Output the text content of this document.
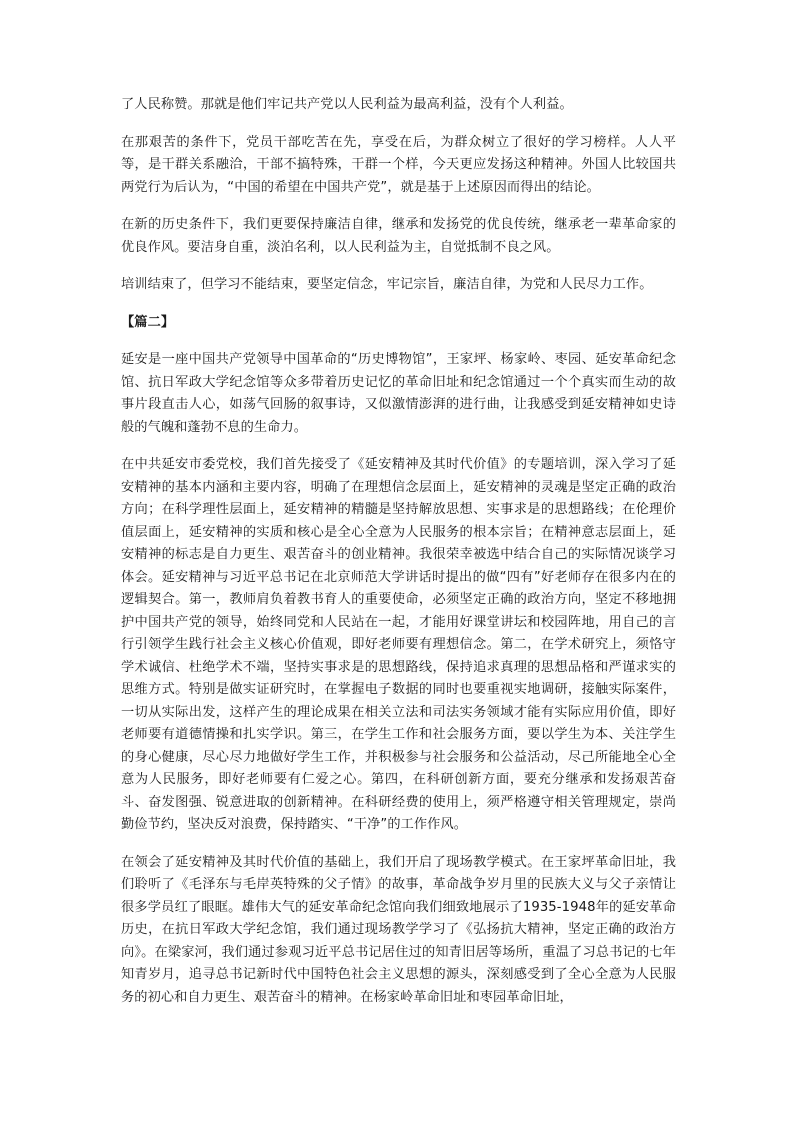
了人民称赞。那就是他们牢记共产党以人民利益为最高利益，没有个人利益。

在那艰苦的条件下，党员干部吃苦在先，享受在后，为群众树立了很好的学习榜样。人人平等，是干群关系融洽，干部不搞特殊，干群一个样，今天更应发扬这种精神。外国人比较国共两党行为后认为，“中国的希望在中国共产党”，就是基于上述原因而得出的结论。

在新的历史条件下，我们更要保持廉洁自律，继承和发扬党的优良传统，继承老一辈革命家的优良作风。要洁身自重，淡泊名利，以人民利益为主，自觉抵制不良之风。

培训结束了，但学习不能结束，要坚定信念，牢记宗旨，廉洁自律，为党和人民尽力工作。

【篇二】

延安是一座中国共产党领导中国革命的“历史博物馆”，王家坪、杨家岭、枣园、延安革命纪念馆、抗日军政大学纪念馆等众多带着历史记忆的革命旧址和纪念馆通过一个个真实而生动的故事片段直击人心，如荡气回肠的叙事诗，又似激情澎湃的进行曲，让我感受到延安精神如史诗般的气魄和蓬勃不息的生命力。

在中共延安市委党校，我们首先接受了《延安精神及其时代价值》的专题培训，深入学习了延安精神的基本内涵和主要内容，明确了在理想信念层面上，延安精神的灵魂是坚定正确的政治方向；在科学理性层面上，延安精神的精髓是坚持解放思想、实事求是的思想路线；在伦理价值层面上，延安精神的实质和核心是全心全意为人民服务的根本宗旨；在精神意志层面上，延安精神的标志是自力更生、艰苦奋斗的创业精神。我很荣幸被选中结合自己的实际情况谈学习体会。延安精神与习近平总书记在北京师范大学讲话时提出的做“四有”好老师存在很多内在的逻辑契合。第一，教师肩负着教书育人的重要使命，必须坚定正确的政治方向，坚定不移地拥护中国共产党的领导，始终同党和人民站在一起，才能用好课堂讲坛和校园阵地，用自己的言行引领学生践行社会主义核心价值观，即好老师要有理想信念。第二，在学术研究上，须恪守学术诚信、杜绝学术不端，坚持实事求是的思想路线，保持追求真理的思想品格和严谨求实的思维方式。特别是做实证研究时，在掌握电子数据的同时也要重视实地调研，接触实际案件，一切从实际出发，这样产生的理论成果在相关立法和司法实务领域才能有实际应用价值，即好老师要有道德情操和扎实学识。第三，在学生工作和社会服务方面，要以学生为本、关注学生的身心健康，尽心尽力地做好学生工作，并积极参与社会服务和公益活动，尽己所能地全心全意为人民服务，即好老师要有仁爱之心。第四，在科研创新方面，要充分继承和发扬艰苦奋斗、奋发图强、锐意进取的创新精神。在科研经费的使用上，须严格遵守相关管理规定，崇尚勤俭节约，坚决反对浪费，保持踏实、“干净”的工作作风。

在领会了延安精神及其时代价值的基础上，我们开启了现场教学模式。在王家坪革命旧址，我们聆听了《毛泽东与毛岸英特殊的父子情》的故事，革命战争岁月里的民族大义与父子亲情让很多学员红了眼眶。雄伟大气的延安革命纪念馆向我们细致地展示了1935-1948年的延安革命历史，在抗日军政大学纪念馆，我们通过现场教学学习了《弘扬抗大精神，坚定正确的政治方向》。在梁家河，我们通过参观习近平总书记居住过的知青旧居等场所，重温了习总书记的七年知青岁月，追寻总书记新时代中国特色社会主义思想的源头，深刻感受到了全心全意为人民服务的初心和自力更生、艰苦奋斗的精神。在杨家岭革命旧址和枣园革命旧址，
